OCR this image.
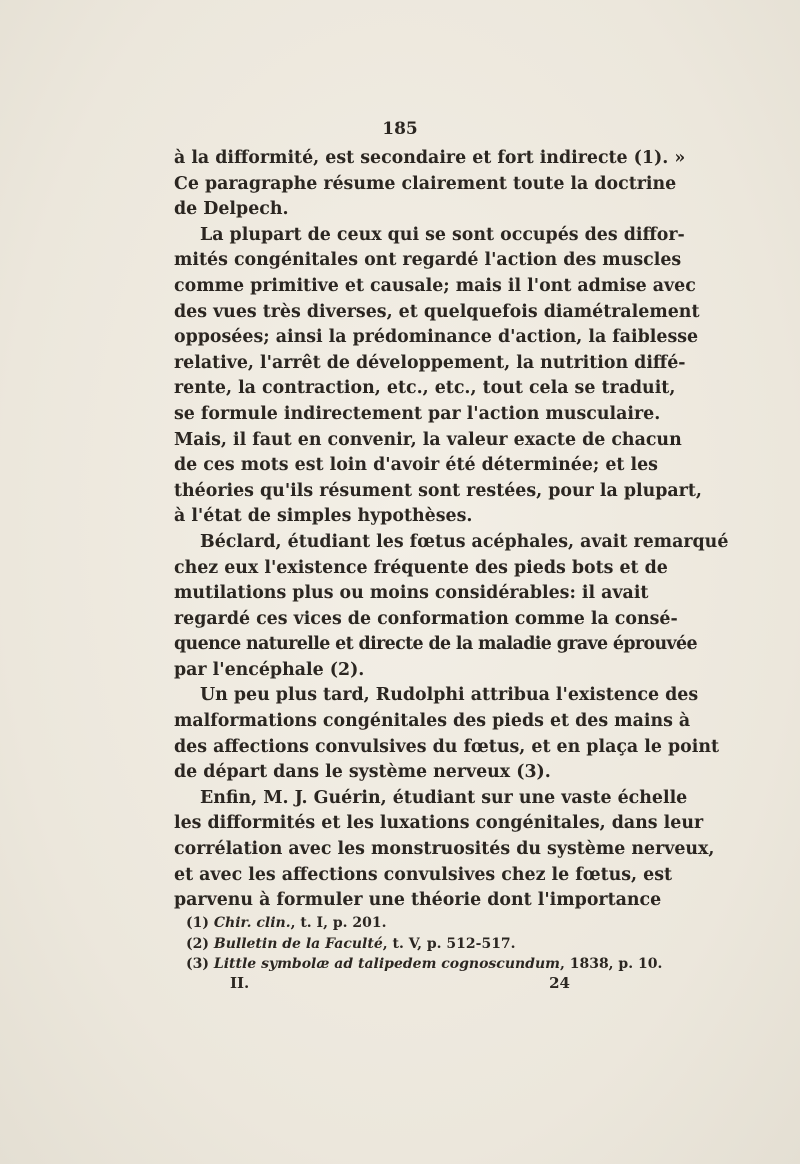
185

à la difformité, est secondaire et fort indirecte (1). »
Ce paragraphe résume clairement toute la doctrine
de Delpech.

La plupart de ceux qui se sont occupés des diffor-
mités congénitales ont regardé l'action des muscles
comme primitive et causale; mais il l'ont admise avec
des vues très diverses, et quelquefois diamétralement
opposées; ainsi la prédominance d'action, la faiblesse
relative, l'arrêt de développement, la nutrition diffé-
rente, la contraction, etc., etc., tout cela se traduit,
se formule indirectement par l'action musculaire.
Mais, il faut en convenir, la valeur exacte de chacun
de ces mots est loin d'avoir été déterminée; et les
théories qu'ils résument sont restées, pour la plupart,
à l'état de simples hypothèses.

Béclard, étudiant les fœtus acéphales, avait remarqué
chez eux l'existence fréquente des pieds bots et de
mutilations plus ou moins considérables: il avait
regardé ces vices de conformation comme la consé-
quence naturelle et directe de la maladie grave éprouvée
par l'encéphale (2).

Un peu plus tard, Rudolphi attribua l'existence des
malformations congénitales des pieds et des mains à
des affections convulsives du fœtus, et en plaça le point
de départ dans le système nerveux (3).

Enfin, M. J. Guérin, étudiant sur une vaste échelle
les difformités et les luxations congénitales, dans leur
corrélation avec les monstruosités du système nerveux,
et avec les affections convulsives chez le fœtus, est
parvenu à formuler une théorie dont l'importance

(1) Chir. clin., t. I, p. 201.
(2) Bulletin de la Faculté, t. V, p. 512-517.
(3) Little symbolæ ad talipedem cognoscundum, 1838, p. 10.
II.	24
